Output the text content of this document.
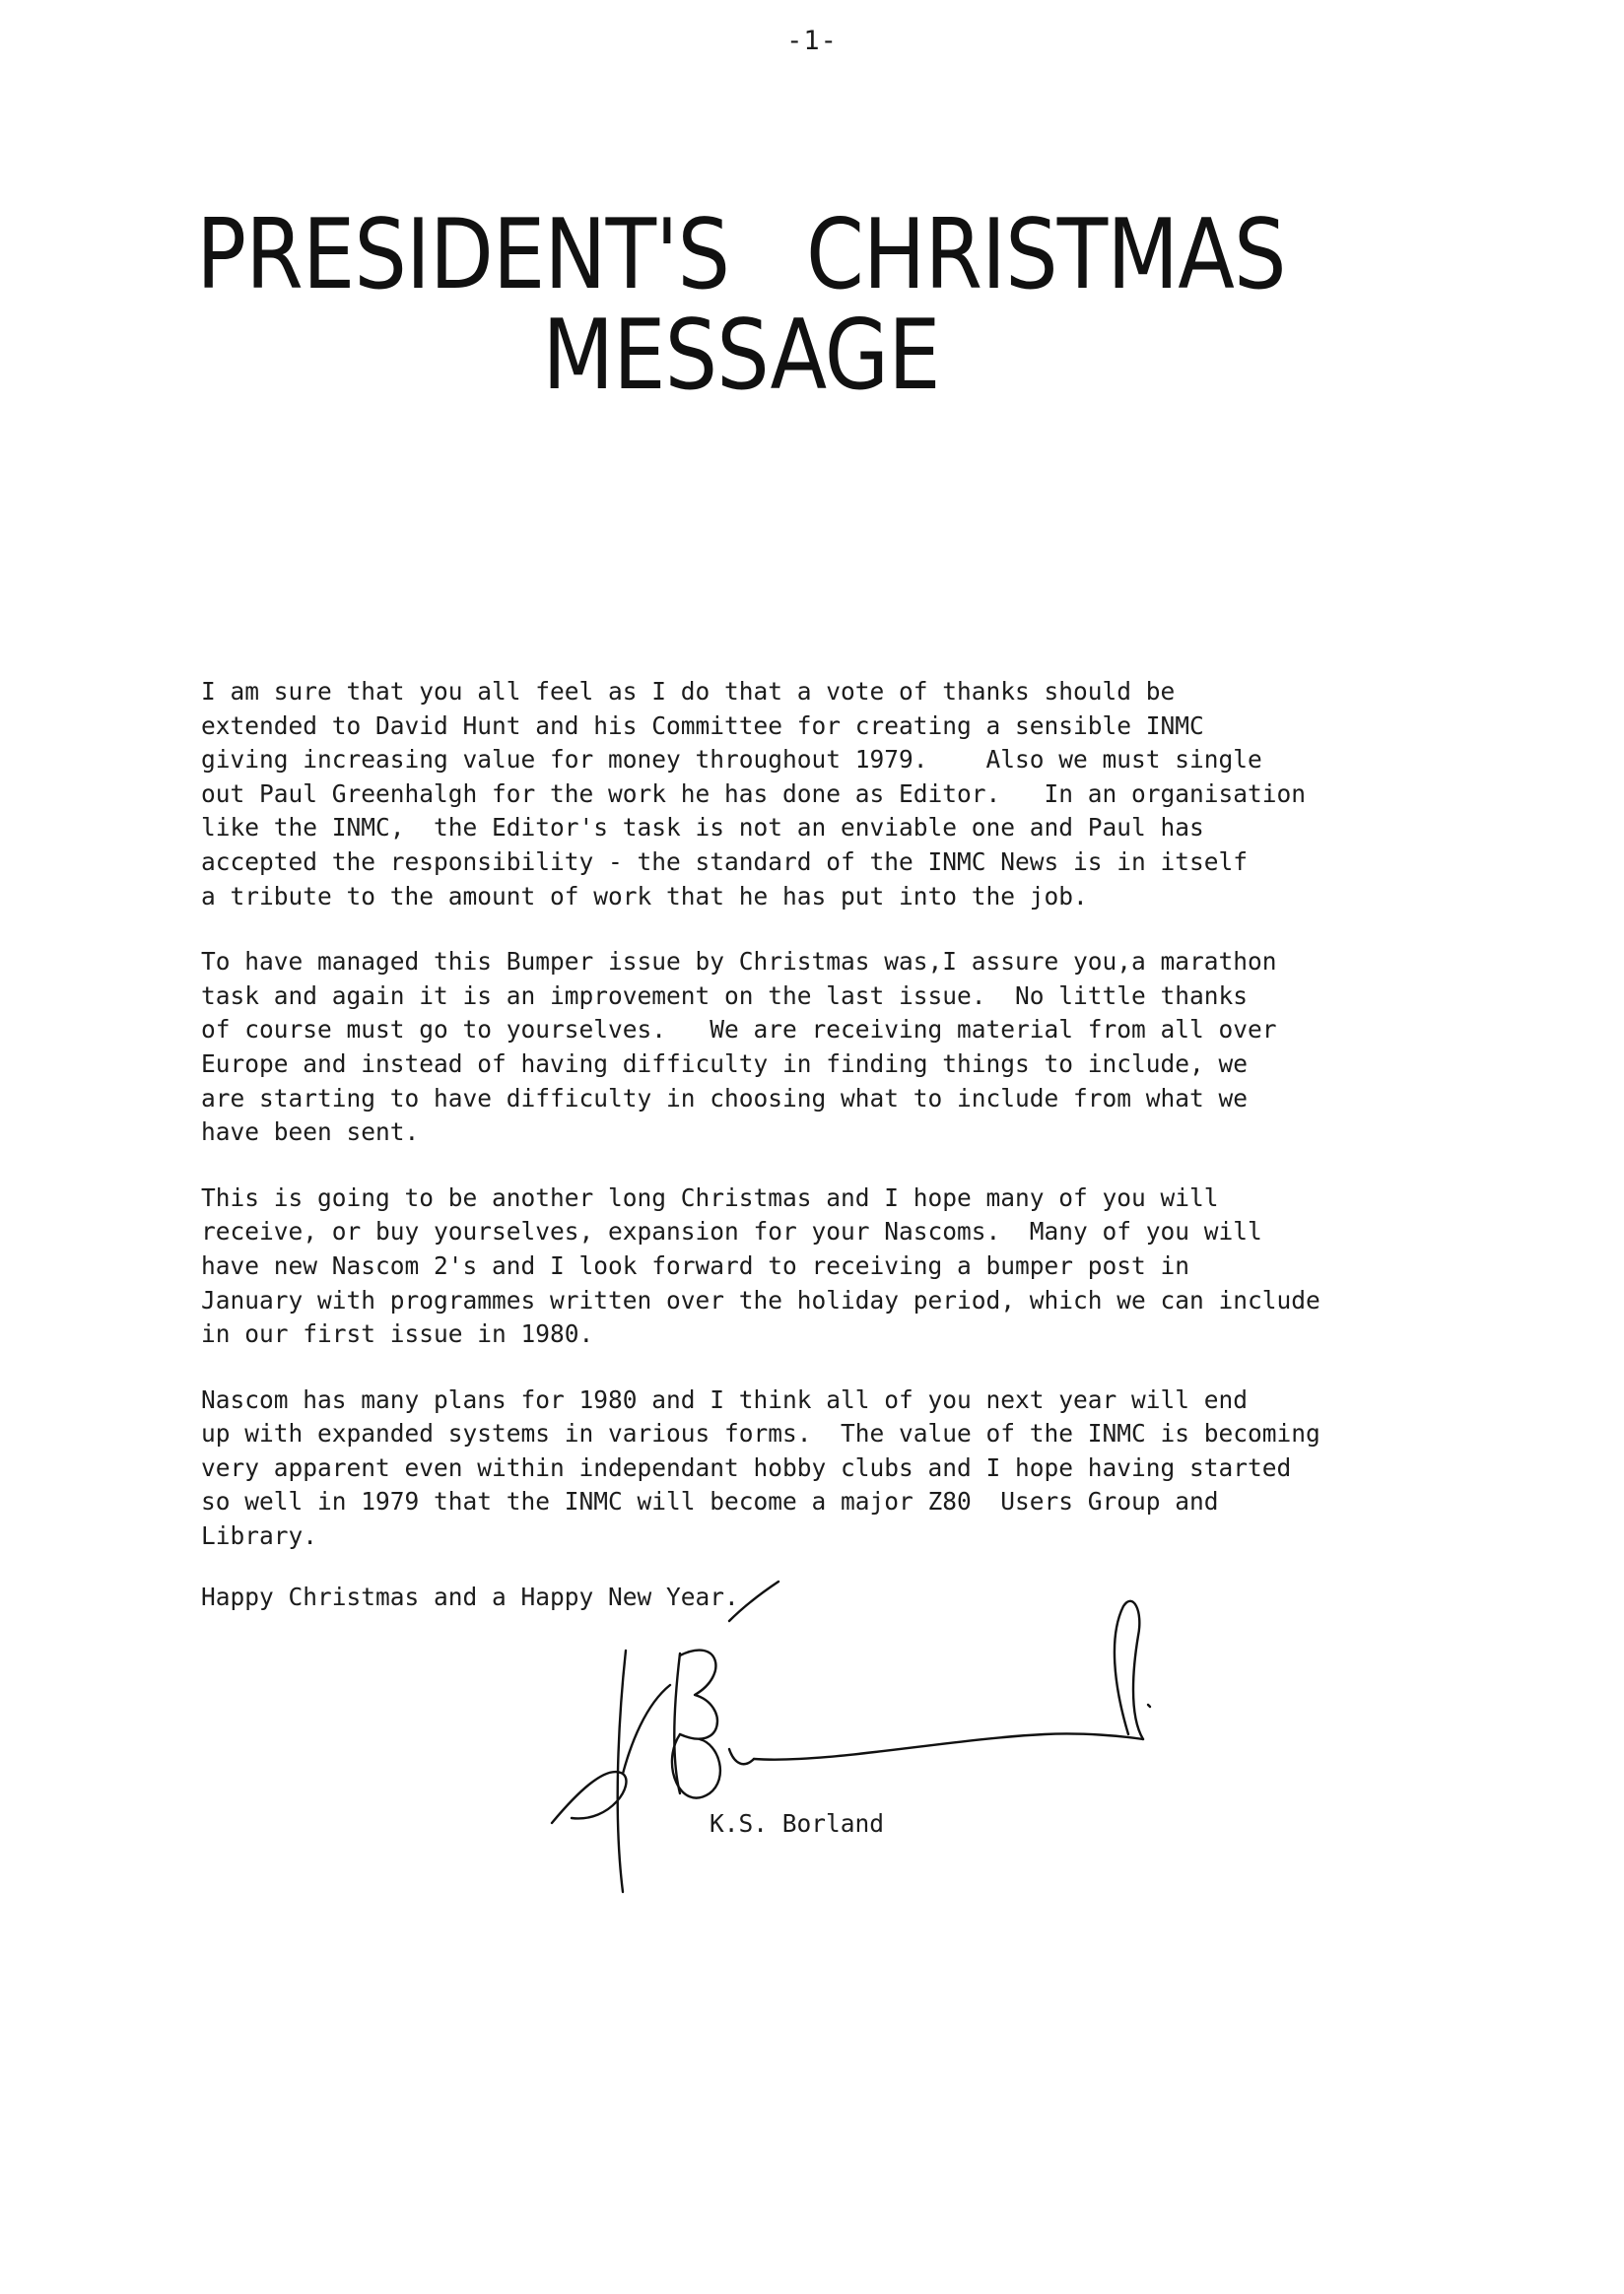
-1-
PRESIDENT'S   CHRISTMAS
MESSAGE

I am sure that you all feel as I do that a vote of thanks should be
extended to David Hunt and his Committee for creating a sensible INMC
giving increasing value for money throughout 1979.    Also we must single
out Paul Greenhalgh for the work he has done as Editor.   In an organisation
like the INMC,  the Editor's task is not an enviable one and Paul has
accepted the responsibility - the standard of the INMC News is in itself
a tribute to the amount of work that he has put into the job.

To have managed this Bumper issue by Christmas was,I assure you,a marathon
task and again it is an improvement on the last issue.  No little thanks
of course must go to yourselves.   We are receiving material from all over
Europe and instead of having difficulty in finding things to include, we
are starting to have difficulty in choosing what to include from what we
have been sent.

This is going to be another long Christmas and I hope many of you will
receive, or buy yourselves, expansion for your Nascoms.  Many of you will
have new Nascom 2's and I look forward to receiving a bumper post in
January with programmes written over the holiday period, which we can include
in our first issue in 1980.

Nascom has many plans for 1980 and I think all of you next year will end
up with expanded systems in various forms.  The value of the INMC is becoming
very apparent even within independant hobby clubs and I hope having started
so well in 1979 that the INMC will become a major Z80  Users Group and
Library.

Happy Christmas and a Happy New Year.
K.S. Borland
